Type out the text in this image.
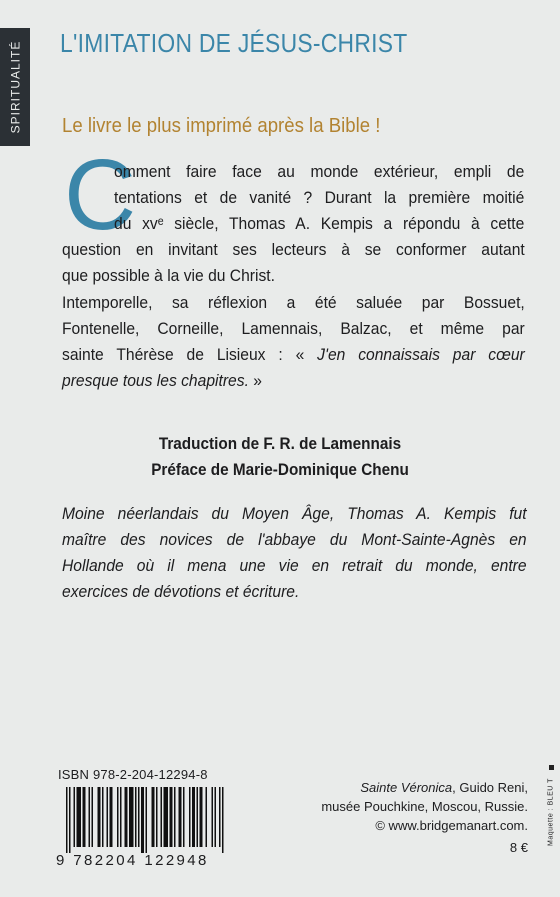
SPIRITUALITÉ L'IMITATION DE JÉSUS-CHRIST
Le livre le plus imprimé après la Bible !
C
omment faire face au monde extérieur, empli de
tentations et de vanité ? Durant la première moitié
du xvᵉ siècle, Thomas A. Kempis a répondu à cette
question en invitant ses lecteurs à se conformer autant
que possible à la vie du Christ.
Intemporelle, sa réflexion a été saluée par Bossuet,
Fontenelle, Corneille, Lamennais, Balzac, et même par
sainte Thérèse de Lisieux : « J'en connaissais par cœur
presque tous les chapitres. »
Traduction de F. R. de Lamennais
Préface de Marie-Dominique Chenu
Moine néerlandais du Moyen Âge, Thomas A. Kempis fut
maître des novices de l'abbaye du Mont-Sainte-Agnès en
Hollande où il mena une vie en retrait du monde, entre
exercices de dévotions et écriture.
ISBN 978-2-204-12294-8
9 782204 122948
Sainte Véronica, Guido Reni,
musée Pouchkine, Moscou, Russie.
© www.bridgemanart.com.
8 €
Maquette : BLEU T
